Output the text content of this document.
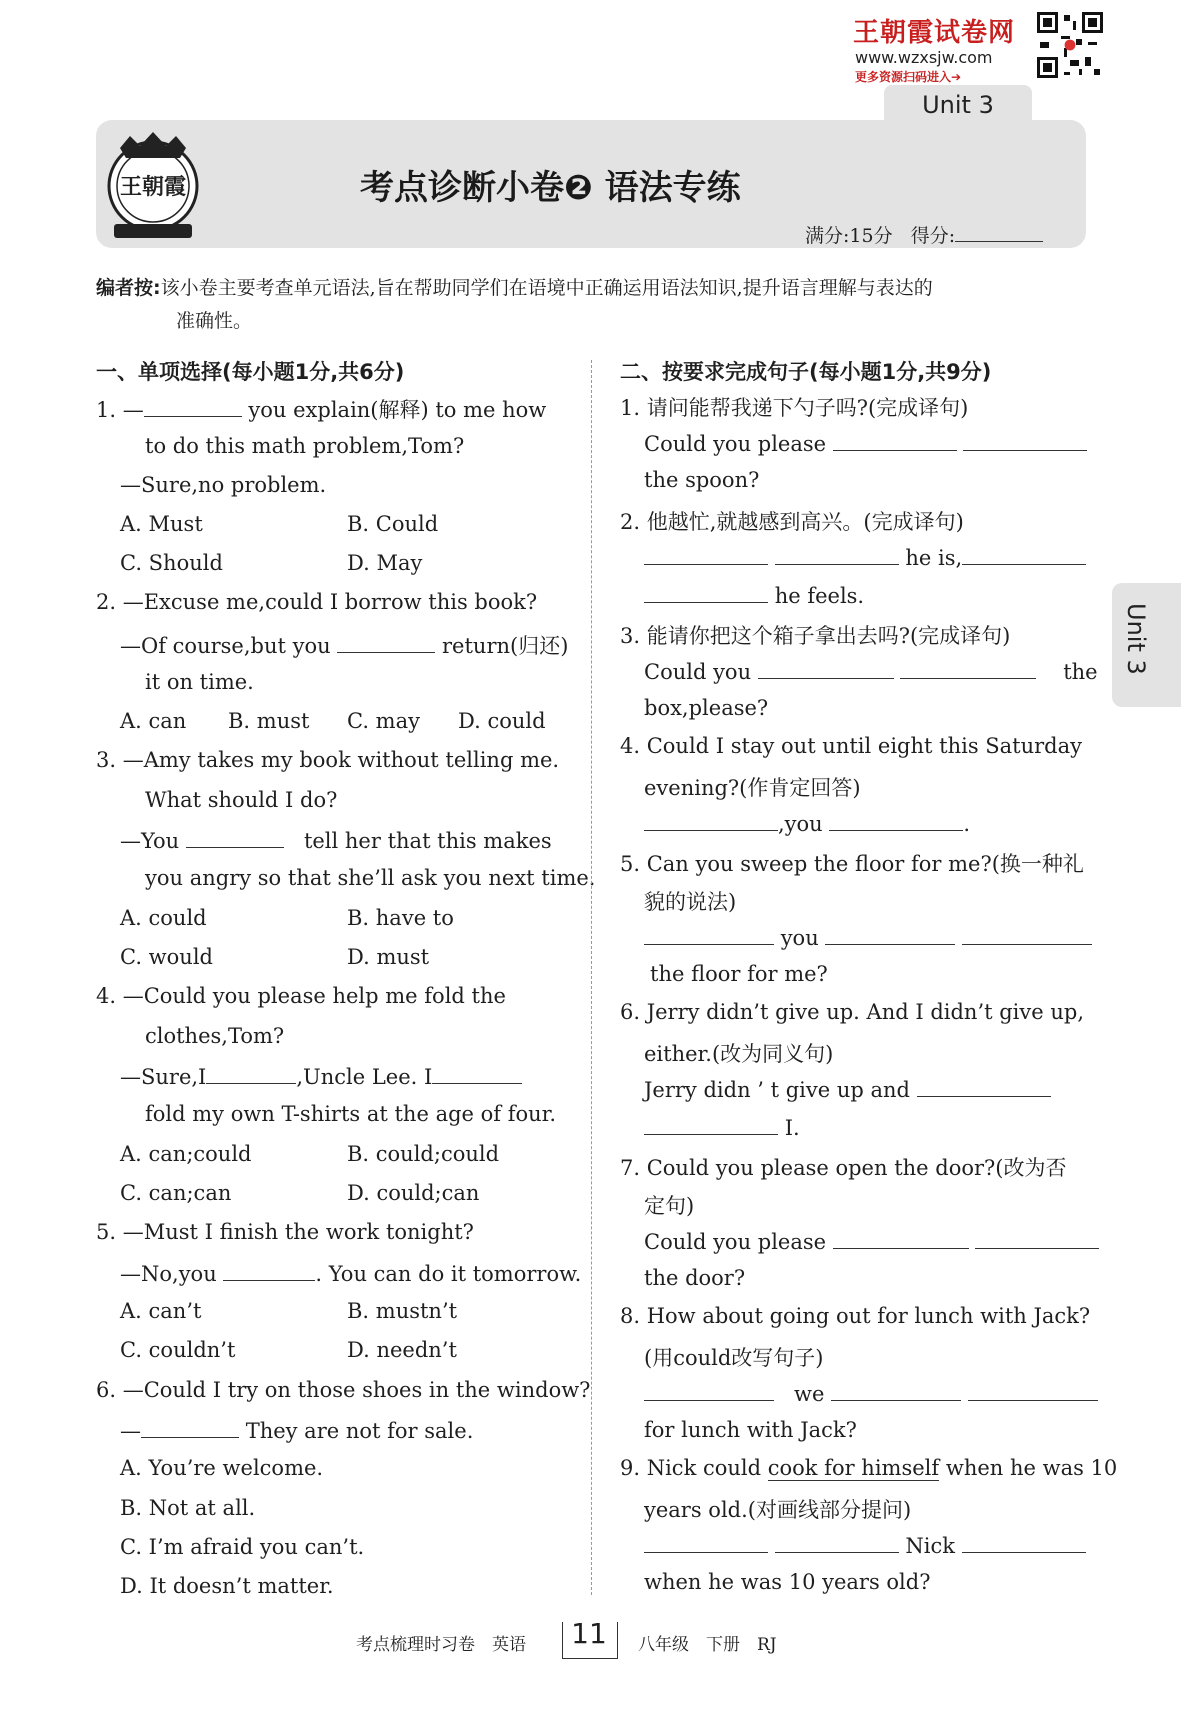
王朝霞试卷网
www.wzxsjw.com
更多资源扫码进入➔
Unit 3
王朝霞	考点诊断小卷❷ 语法专练
满分:15分 得分:
编者按:该小卷主要考查单元语法,旨在帮助同学们在语境中正确运用语法知识,提升语言理解与表达的
准确性。
一、单项选择(每小题1分,共6分)
1. —	you explain(解释) to me how
to do this math problem,Tom?
—Sure,no problem.
A. Must	B. Could
C. Should	D. May
2. —Excuse me,could I borrow this book?
—Of course,but you	return(归还)
it on time.
A. can B. must C. may D. could
3. —Amy takes my book without telling me.
What should I do?
—You	tell her that this makes
you angry so that she’ll ask you next time.
A. could	B. have to
C. would	D. must
4. —Could you please help me fold the
clothes,Tom?
—Sure,I	,Uncle Lee. I
fold my own T-shirts at the age of four.
A. can;could	B. could;could
C. can;can	D. could;can
5. —Must I finish the work tonight?
—No,you	. You can do it tomorrow.
A. can’t	B. mustn’t
C. couldn’t	D. needn’t
6. —Could I try on those shoes in the window?
—	They are not for sale.
A. You’re welcome.
B. Not at all.
C. I’m afraid you can’t.
D. It doesn’t matter.
二、按要求完成句子(每小题1分,共9分)
1. 请问能帮我递下勺子吗?(完成译句)
Could you please
the spoon?
2. 他越忙,就越感到高兴。(完成译句)
he is,
he feels.
3. 能请你把这个箱子拿出去吗?(完成译句)
Could you	the
box,please?
4. Could I stay out until eight this Saturday
evening?(作肯定回答)
,you	.
5. Can you sweep the floor for me?(换一种礼
貌的说法)
you
the floor for me?
6. Jerry didn’t give up. And I didn’t give up,
either.(改为同义句)
Jerry didn ’ t give up and
I.
7. Could you please open the door?(改为否
定句)
Could you please
the door?
8. How about going out for lunch with Jack?
(用could改写句子)
we
for lunch with Jack?
9. Nick could cook for himself when he was 10
years old.(对画线部分提问)
Nick
when he was 10 years old?
Unit 3
考点梳理时习卷　英语	11	八年级　下册　RJ
